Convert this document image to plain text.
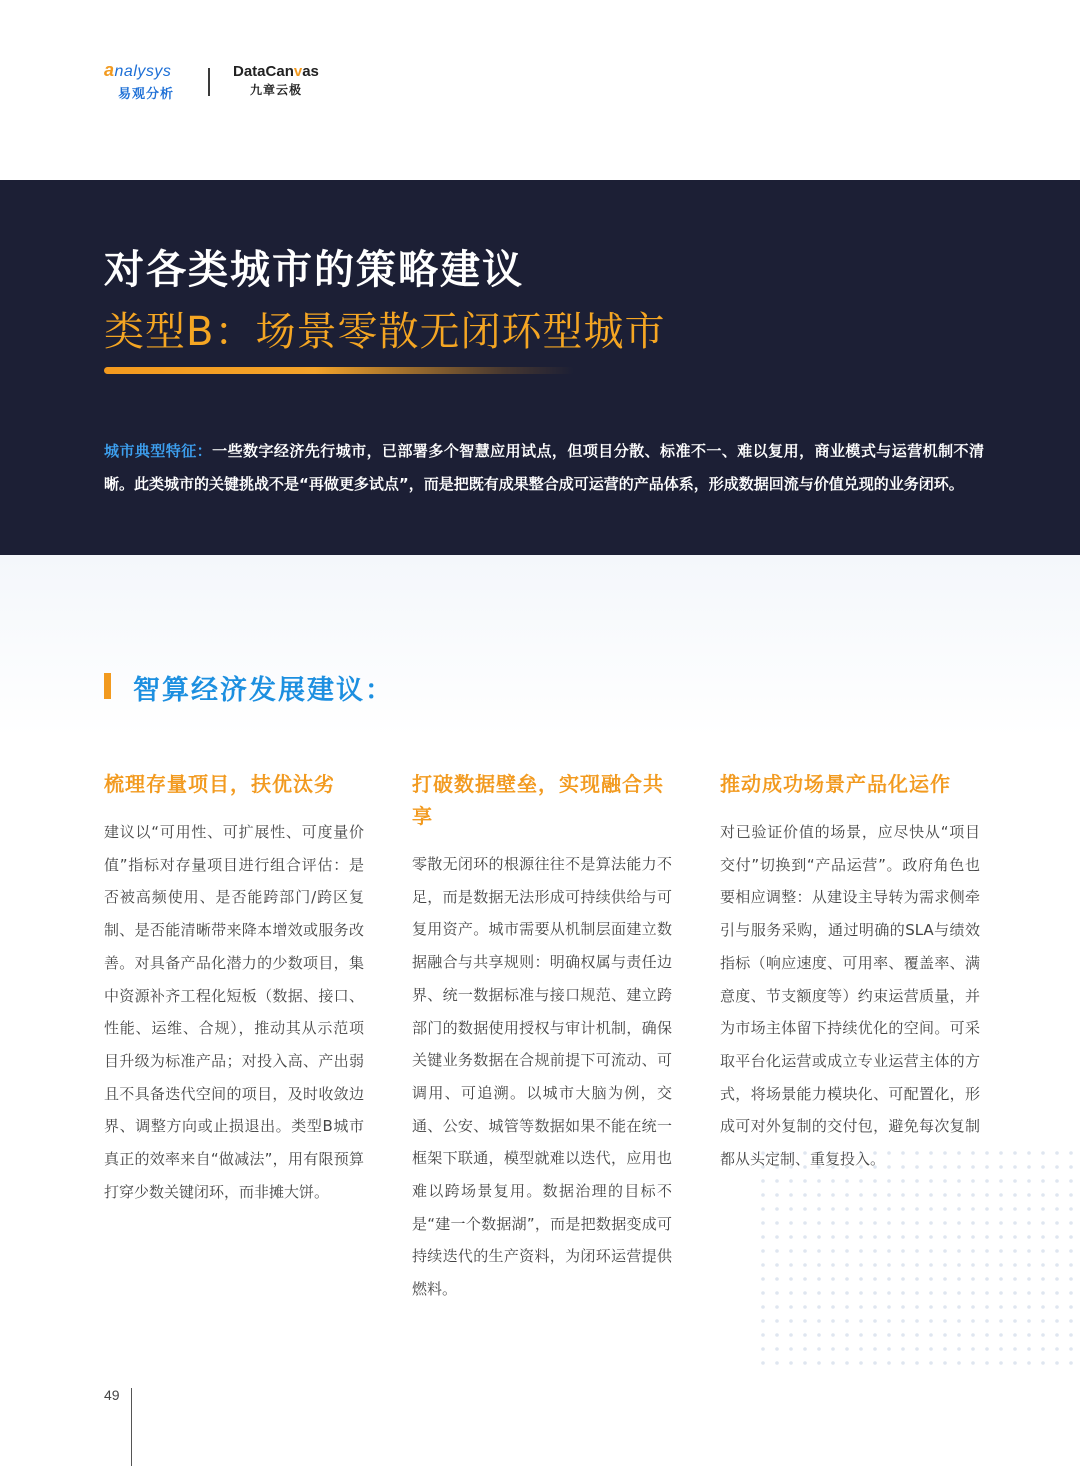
analysys
易观分析
DataCanvas
九章云极
对各类城市的策略建议
类型B：场景零散无闭环型城市
城市典型特征：一些数字经济先行城市，已部署多个智慧应用试点，但项目分散、标准不一、难以复用，商业模式与运营机制不清晰。此类城市的关键挑战不是“再做更多试点”，而是把既有成果整合成可运营的产品体系，形成数据回流与价值兑现的业务闭环。
智算经济发展建议：
梳理存量项目，扶优汰劣

建议以“可用性、可扩展性、可度量价值”指标对存量项目进行组合评估：是否被高频使用、是否能跨部门/跨区复制、是否能清晰带来降本增效或服务改善。对具备产品化潜力的少数项目，集中资源补齐工程化短板（数据、接口、性能、运维、合规），推动其从示范项目升级为标准产品；对投入高、产出弱且不具备迭代空间的项目，及时收敛边界、调整方向或止损退出。类型B城市真正的效率来自“做减法”，用有限预算打穿少数关键闭环，而非摊大饼。

打破数据壁垒，实现融合共享

零散无闭环的根源往往不是算法能力不足，而是数据无法形成可持续供给与可复用资产。城市需要从机制层面建立数据融合与共享规则：明确权属与责任边界、统一数据标准与接口规范、建立跨部门的数据使用授权与审计机制，确保关键业务数据在合规前提下可流动、可调用、可追溯。以城市大脑为例，交通、公安、城管等数据如果不能在统一框架下联通，模型就难以迭代，应用也难以跨场景复用。数据治理的目标不是“建一个数据湖”，而是把数据变成可持续迭代的生产资料，为闭环运营提供燃料。

推动成功场景产品化运作

对已验证价值的场景，应尽快从“项目交付”切换到“产品运营”。政府角色也要相应调整：从建设主导转为需求侧牵引与服务采购，通过明确的SLA与绩效指标（响应速度、可用率、覆盖率、满意度、节支额度等）约束运营质量，并为市场主体留下持续优化的空间。可采取平台化运营或成立专业运营主体的方式，将场景能力模块化、可配置化，形成可对外复制的交付包，避免每次复制都从头定制、重复投入。

49
